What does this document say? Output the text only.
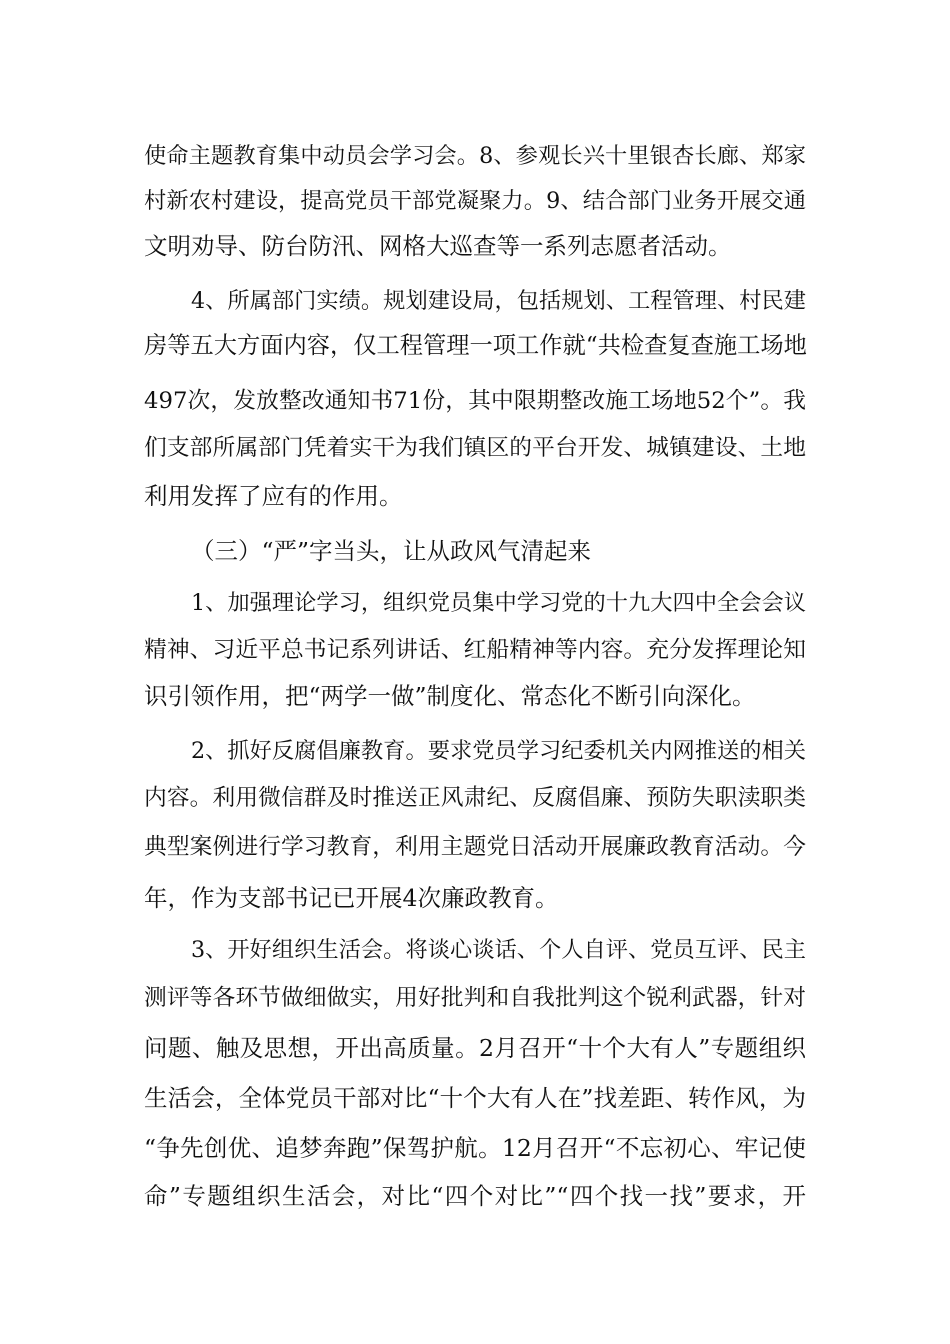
使命主题教育集中动员会学习会。8、参观长兴十里银杏长廊、郑家
村新农村建设，提高党员干部党凝聚力。9、结合部门业务开展交通
文明劝导、防台防汛、网格大巡查等一系列志愿者活动。
4、所属部门实绩。规划建设局，包括规划、工程管理、村民建
房等五大方面内容，仅工程管理一项工作就“共检查复查施工场地
497次，发放整改通知书71份，其中限期整改施工场地52个”。我
们支部所属部门凭着实干为我们镇区的平台开发、城镇建设、土地
利用发挥了应有的作用。
（三）“严”字当头，让从政风气清起来
1、加强理论学习，组织党员集中学习党的十九大四中全会会议
精神、习近平总书记系列讲话、红船精神等内容。充分发挥理论知
识引领作用，把“两学一做”制度化、常态化不断引向深化。
2、抓好反腐倡廉教育。要求党员学习纪委机关内网推送的相关
内容。利用微信群及时推送正风肃纪、反腐倡廉、预防失职渎职类
典型案例进行学习教育，利用主题党日活动开展廉政教育活动。今
年，作为支部书记已开展4次廉政教育。
3、开好组织生活会。将谈心谈话、个人自评、党员互评、民主
测评等各环节做细做实，用好批判和自我批判这个锐利武器，针对
问题、触及思想，开出高质量。2月召开“十个大有人”专题组织
生活会，全体党员干部对比“十个大有人在”找差距、转作风，为
“争先创优、追梦奔跑”保驾护航。12月召开“不忘初心、牢记使
命”专题组织生活会，对比“四个对比”“四个找一找”要求，开
